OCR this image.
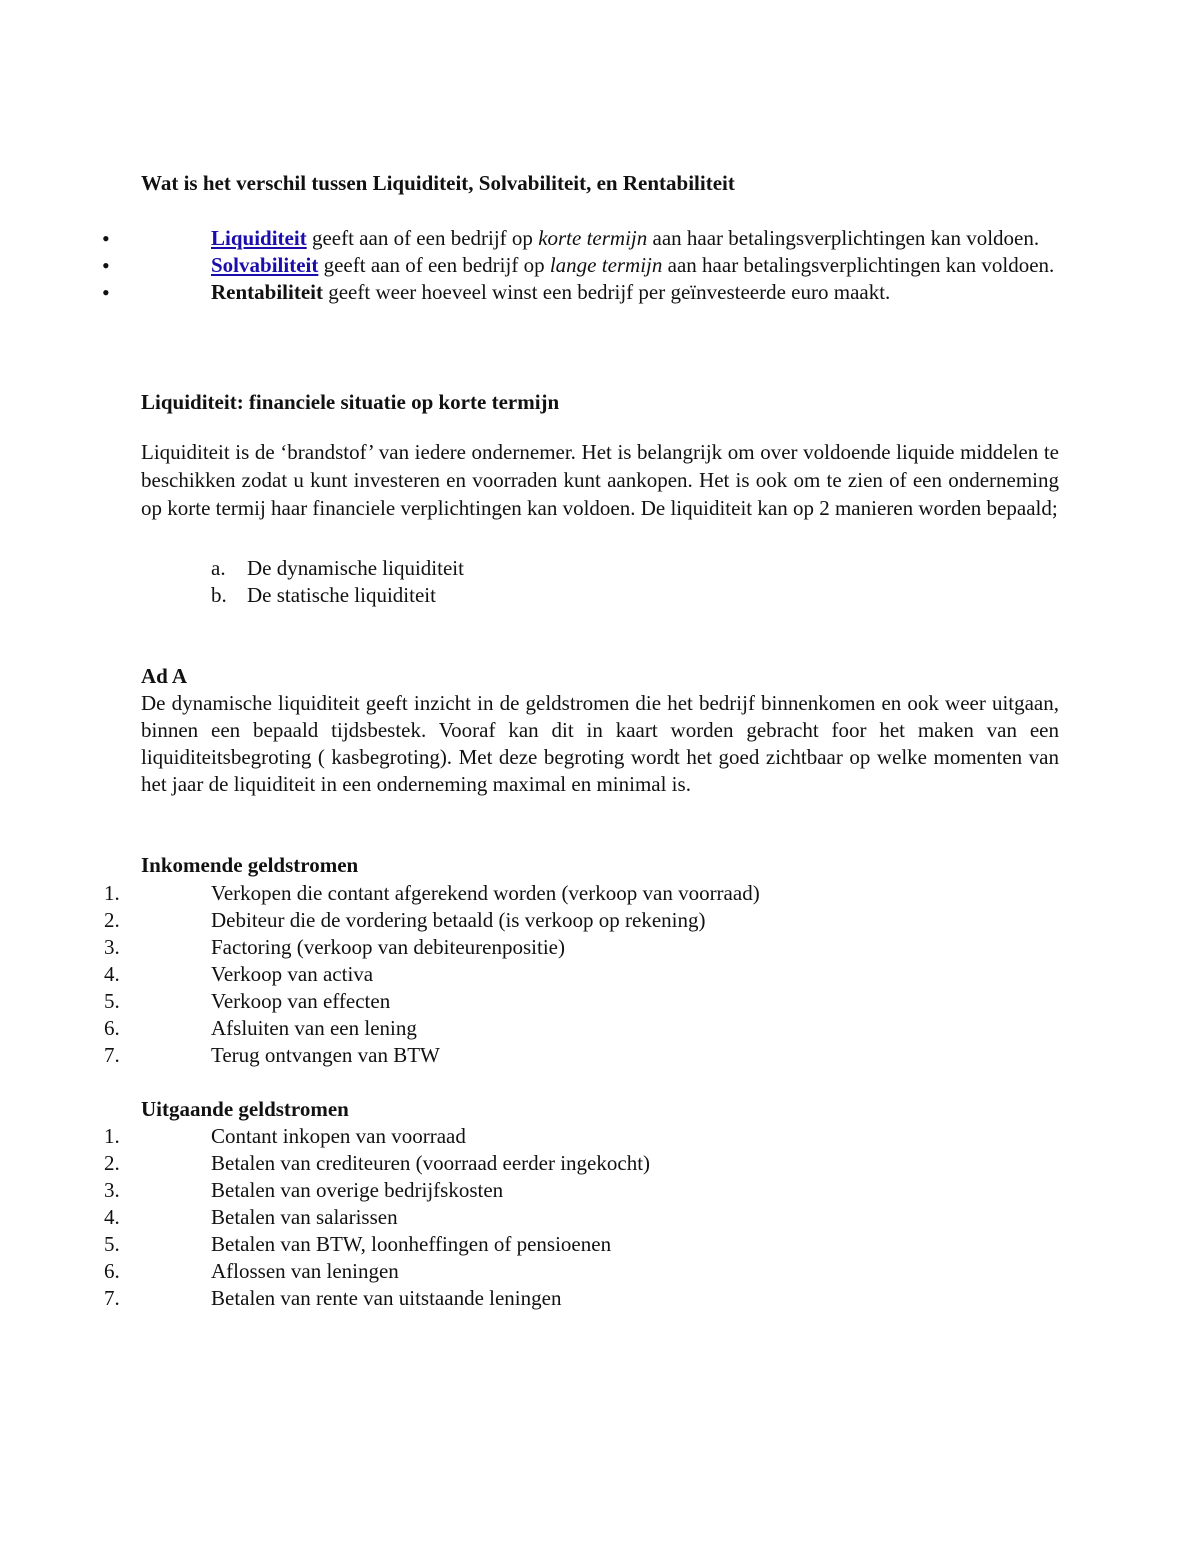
Wat is het verschil tussen Liquiditeit, Solvabiliteit, en Rentabiliteit
•	Liquiditeit geeft aan of een bedrijf op korte termijn aan haar betalingsverplichtingen kan voldoen.
•	Solvabiliteit geeft aan of een bedrijf op lange termijn aan haar betalingsverplichtingen kan voldoen.
•	Rentabiliteit geeft weer hoeveel winst een bedrijf per geïnvesteerde euro maakt.
Liquiditeit: financiele situatie op korte termijn
Liquiditeit is de ‘brandstof’ van iedere ondernemer. Het is belangrijk om over voldoende liquide middelen te beschikken zodat u kunt investeren en voorraden kunt aankopen. Het is ook om te zien of een onderneming op korte termij haar financiele verplichtingen kan voldoen. De liquiditeit kan op 2 manieren worden bepaald;
a. De dynamische liquiditeit
b. De statische liquiditeit
Ad A
De dynamische liquiditeit geeft inzicht in de geldstromen die het bedrijf binnenkomen en ook weer uitgaan, binnen een bepaald tijdsbestek. Vooraf kan dit in kaart worden gebracht foor het maken van een liquiditeitsbegroting ( kasbegroting). Met deze begroting wordt het goed zichtbaar op welke momenten van het jaar de liquiditeit in een onderneming maximal en minimal is.
Inkomende geldstromen
1.	Verkopen die contant afgerekend worden (verkoop van voorraad)
2.	Debiteur die de vordering betaald (is verkoop op rekening)
3.	Factoring (verkoop van debiteurenpositie)
4.	Verkoop van activa
5.	Verkoop van effecten
6.	Afsluiten van een lening
7.	Terug ontvangen van BTW
Uitgaande geldstromen
1.	Contant inkopen van voorraad
2.	Betalen van crediteuren (voorraad eerder ingekocht)
3.	Betalen van overige bedrijfskosten
4.	Betalen van salarissen
5.	Betalen van BTW, loonheffingen of pensioenen
6.	Aflossen van leningen
7.	Betalen van rente van uitstaande leningen
